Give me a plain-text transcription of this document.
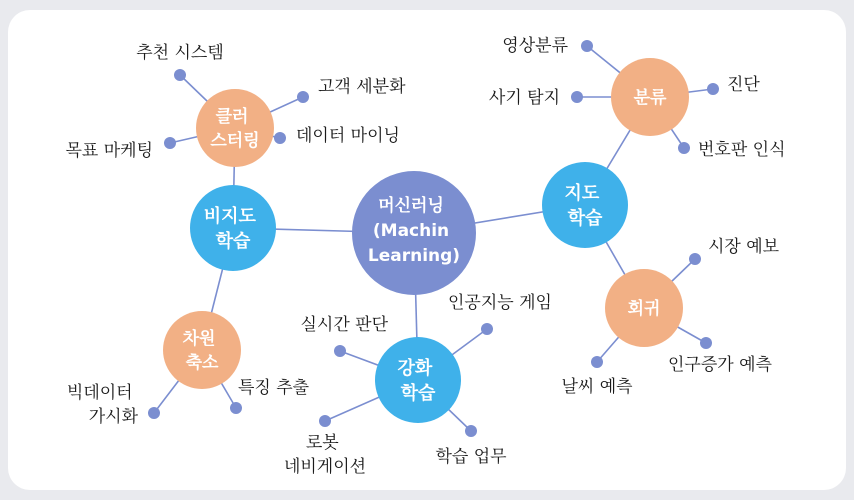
머신러닝 (Machin Learning)
비지도 학습
지도 학습
강화 학습
클러 스터링
차원 축소
분류
회귀
추천 시스템
고객 세분화
목표 마케팅
데이터 마이닝
빅데이터 가시화
특징 추출
영상분류
사기 탐지
진단
번호판 인식
시장 예보
인구증가 예측
날씨 예측
실시간 판단
인공지능 게임
로봇 네비게이션	학습 업무
